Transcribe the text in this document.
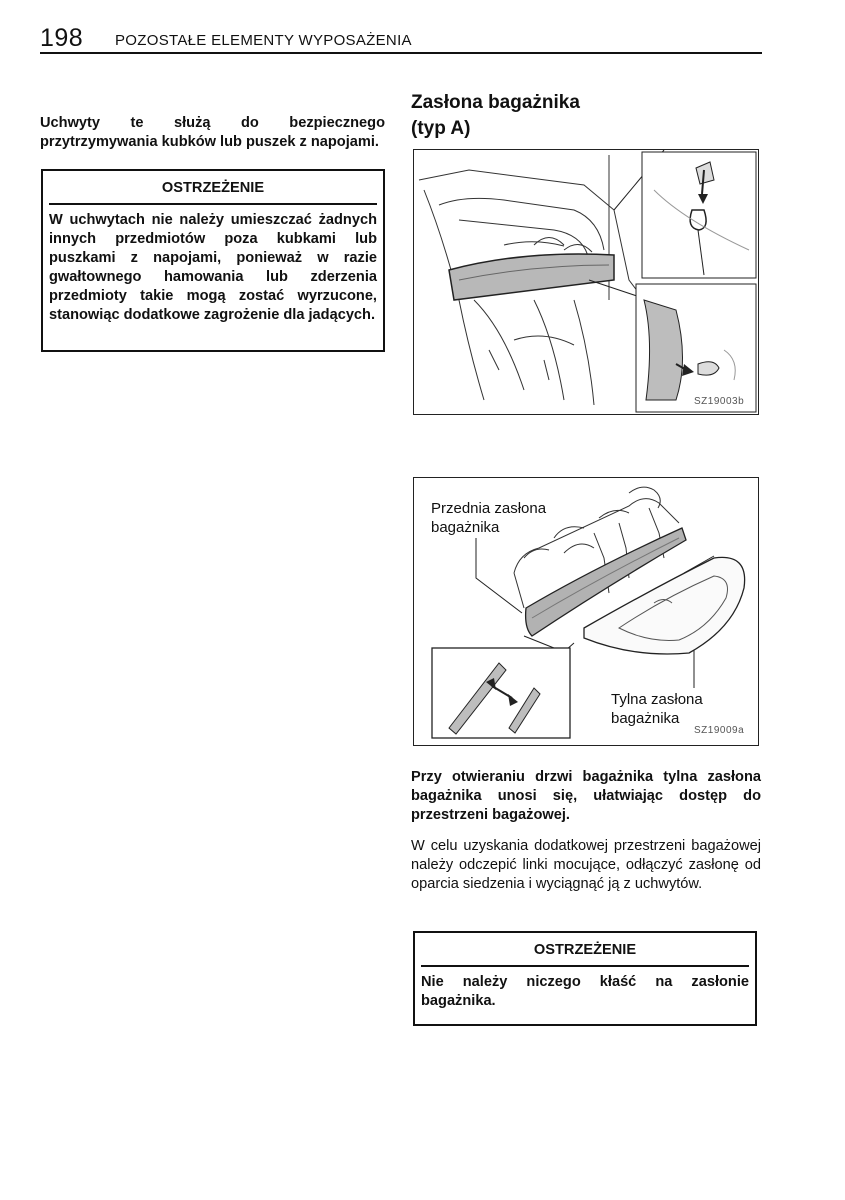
198 POZOSTAŁE ELEMENTY WYPOSAŻENIA
Uchwyty te służą do bezpiecznego przytrzymywania kubków lub puszek z napojami.
OSTRZEŻENIE
W uchwytach nie należy umieszczać żadnych innych przedmiotów poza kubkami lub puszkami z napojami, ponieważ w razie gwałtownego hamowania lub zderzenia przedmioty takie mogą zostać wyrzucone, stanowiąc dodatkowe zagrożenie dla jadących.
Zasłona bagażnika
(typ A)
SZ19003b
Przednia zasłona
bagażnika
Tylna zasłona
bagażnika
SZ19009a
Przy otwieraniu drzwi bagażnika tylna zasłona bagażnika unosi się, ułatwiając dostęp do przestrzeni bagażowej.
W celu uzyskania dodatkowej przestrzeni bagażowej należy odczepić linki mocujące, odłączyć zasłonę od oparcia siedzenia i wyciągnąć ją z uchwytów.
OSTRZEŻENIE
Nie należy niczego kłaść na zasłonie bagażnika.
